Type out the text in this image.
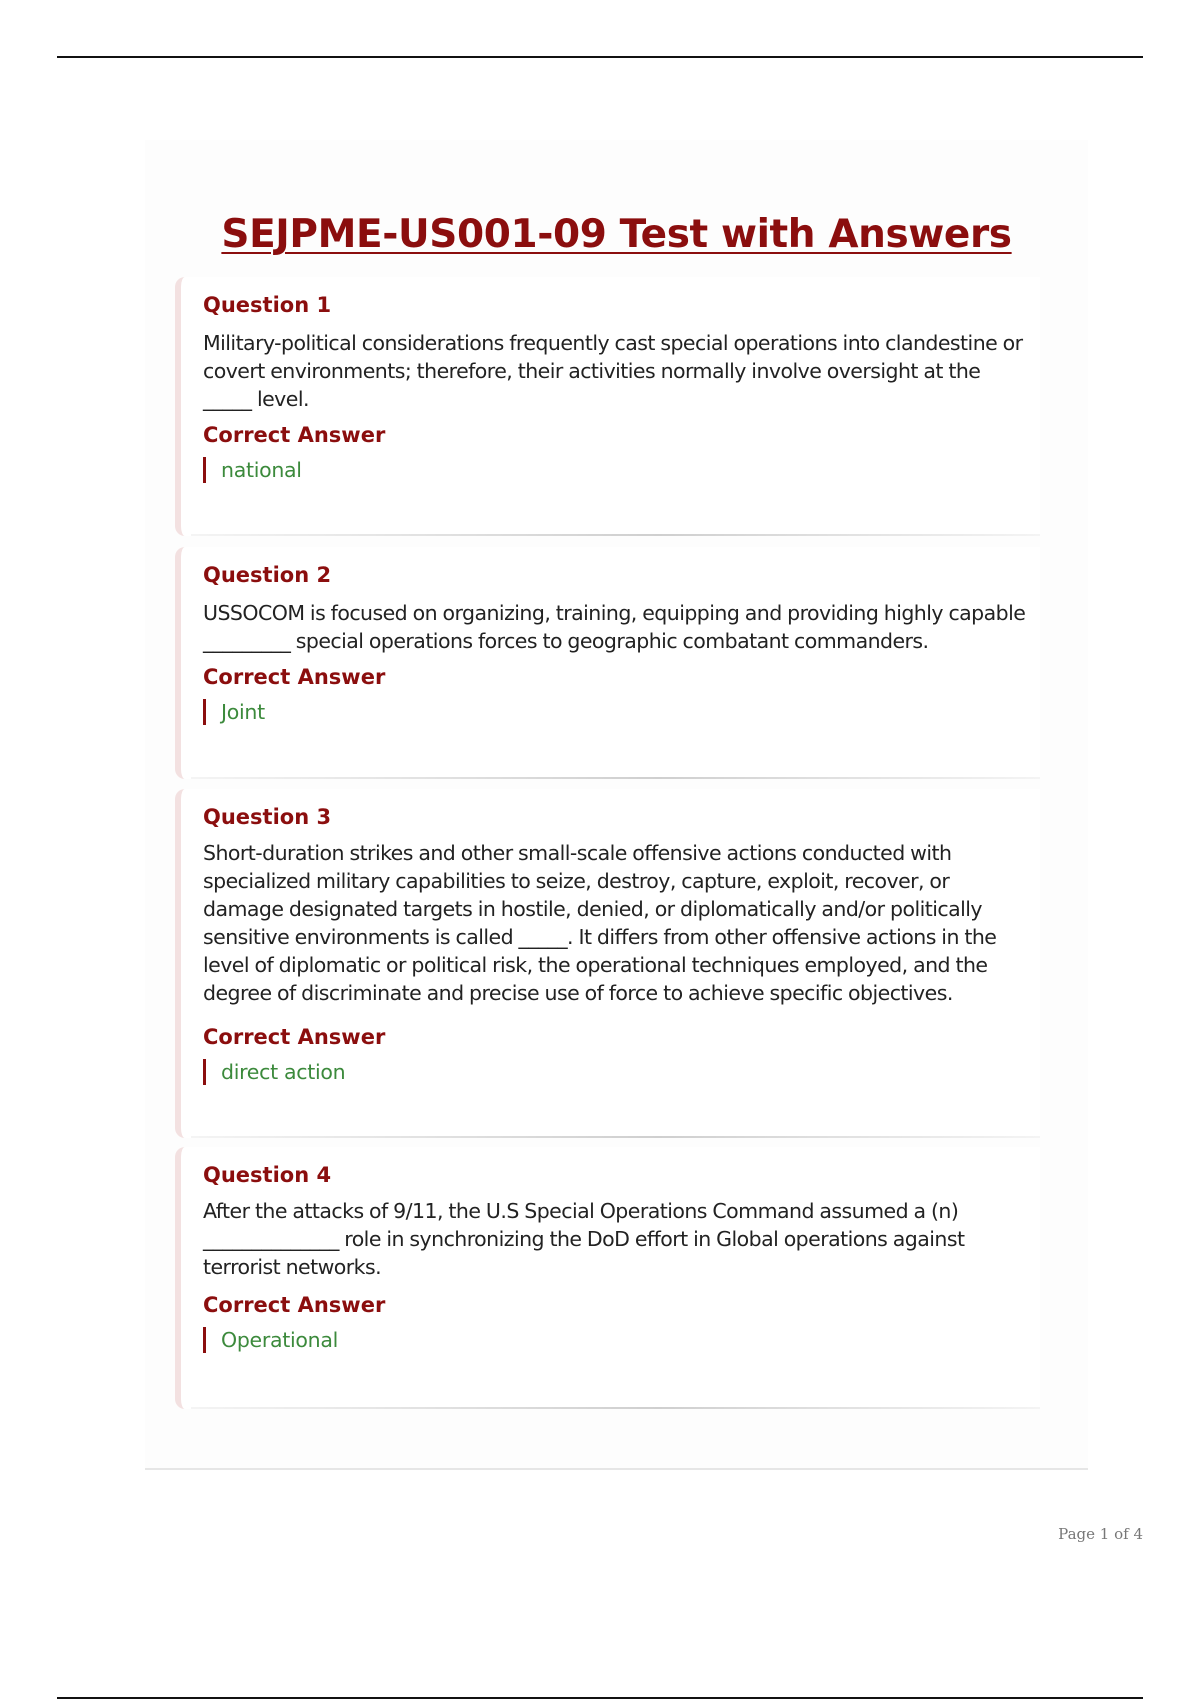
SEJPME-US001-09 Test with Answers
Question 1
Military-political considerations frequently cast special operations into clandestine or covert environments; therefore, their activities normally involve oversight at the _____ level.
Correct Answer
national
Question 2
USSOCOM is focused on organizing, training, equipping and providing highly capable _________ special operations forces to geographic combatant commanders.
Correct Answer
Joint
Question 3
Short-duration strikes and other small-scale offensive actions conducted with specialized military capabilities to seize, destroy, capture, exploit, recover, or damage designated targets in hostile, denied, or diplomatically and/or politically sensitive environments is called _____. It differs from other offensive actions in the level of diplomatic or political risk, the operational techniques employed, and the degree of discriminate and precise use of force to achieve specific objectives.
Correct Answer
direct action
Question 4
After the attacks of 9/11, the U.S Special Operations Command assumed a (n) ______________ role in synchronizing the DoD effort in Global operations against terrorist networks.
Correct Answer
Operational
Page 1 of 4
